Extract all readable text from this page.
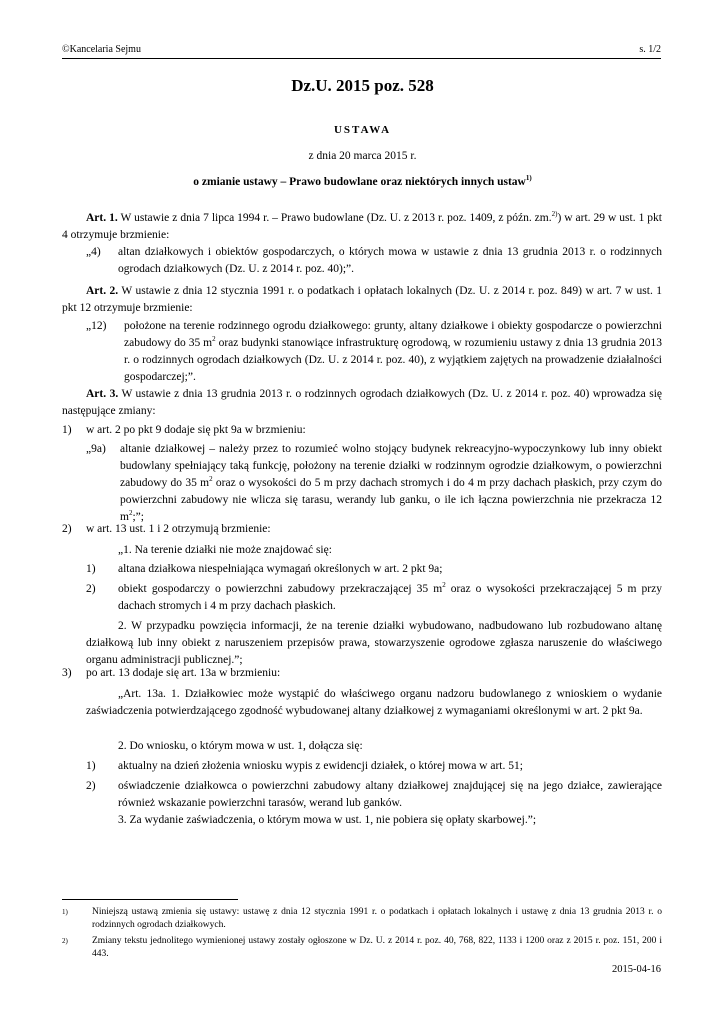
©Kancelaria Sejmu	s. 1/2
Dz.U. 2015 poz. 528
USTAWA
z dnia 20 marca 2015 r.
o zmianie ustawy – Prawo budowlane oraz niektórych innych ustaw$^{1)}$
Art. 1. W ustawie z dnia 7 lipca 1994 r. – Prawo budowlane (Dz. U. z 2013 r. poz. 1409, z późn. zm.$^{2)}$) w art. 29 w ust. 1 pkt 4 otrzymuje brzmienie:
„4)	altan działkowych i obiektów gospodarczych, o których mowa w ustawie z dnia 13 grudnia 2013 r. o rodzinnych ogrodach działkowych (Dz. U. z 2014 r. poz. 40);”.
Art. 2. W ustawie z dnia 12 stycznia 1991 r. o podatkach i opłatach lokalnych (Dz. U. z 2014 r. poz. 849) w art. 7 w ust. 1 pkt 12 otrzymuje brzmienie:
„12)	położone na terenie rodzinnego ogrodu działkowego: grunty, altany działkowe i obiekty gospodarcze o powierzchni zabudowy do 35 $m^2$ oraz budynki stanowiące infrastrukturę ogrodową, w rozumieniu ustawy z dnia 13 grudnia 2013 r. o rodzinnych ogrodach działkowych (Dz. U. z 2014 r. poz. 40), z wyjątkiem zajętych na prowadzenie działalności gospodarczej;”.
Art. 3. W ustawie z dnia 13 grudnia 2013 r. o rodzinnych ogrodach działkowych (Dz. U. z 2014 r. poz. 40) wprowadza się następujące zmiany:
1)	w art. 2 po pkt 9 dodaje się pkt 9a w brzmieniu:
„9a)	altanie działkowej – należy przez to rozumieć wolno stojący budynek rekreacyjno-wypoczynkowy lub inny obiekt budowlany spełniający taką funkcję, położony na terenie działki w rodzinnym ogrodzie działkowym, o powierzchni zabudowy do 35 $m^2$ oraz o wysokości do 5 m przy dachach stromych i do 4 m przy dachach płaskich, przy czym do powierzchni zabudowy nie wlicza się tarasu, werandy lub ganku, o ile ich łączna powierzchnia nie przekracza 12 $m^2$;”;
2)	w art. 13 ust. 1 i 2 otrzymują brzmienie:
„1. Na terenie działki nie może znajdować się:
1)	altana działkowa niespełniająca wymagań określonych w art. 2 pkt 9a;
2)	obiekt gospodarczy o powierzchni zabudowy przekraczającej 35 $m^2$ oraz o wysokości przekraczającej 5 m przy dachach stromych i 4 m przy dachach płaskich.
2. W przypadku powzięcia informacji, że na terenie działki wybudowano, nadbudowano lub rozbudowano altanę działkową lub inny obiekt z naruszeniem przepisów prawa, stowarzyszenie ogrodowe zgłasza naruszenie do właściwego organu administracji publicznej.”;
3)	po art. 13 dodaje się art. 13a w brzmieniu:
„Art. 13a. 1. Działkowiec może wystąpić do właściwego organu nadzoru budowlanego z wnioskiem o wydanie zaświadczenia potwierdzającego zgodność wybudowanej altany działkowej z wymaganiami określonymi w art. 2 pkt 9a.
2. Do wniosku, o którym mowa w ust. 1, dołącza się:
1)	aktualny na dzień złożenia wniosku wypis z ewidencji działek, o której mowa w art. 51;
2)	oświadczenie działkowca o powierzchni zabudowy altany działkowej znajdującej się na jego działce, zawierające również wskazanie powierzchni tarasów, werand lub ganków.
3. Za wydanie zaświadczenia, o którym mowa w ust. 1, nie pobiera się opłaty skarbowej.”;
1)	Niniejszą ustawą zmienia się ustawy: ustawę z dnia 12 stycznia 1991 r. o podatkach i opłatach lokalnych i ustawę z dnia 13 grudnia 2013 r. o rodzinnych ogrodach działkowych.
2)	Zmiany tekstu jednolitego wymienionej ustawy zostały ogłoszone w Dz. U. z 2014 r. poz. 40, 768, 822, 1133 i 1200 oraz z 2015 r. poz. 151, 200 i 443.
2015-04-16
